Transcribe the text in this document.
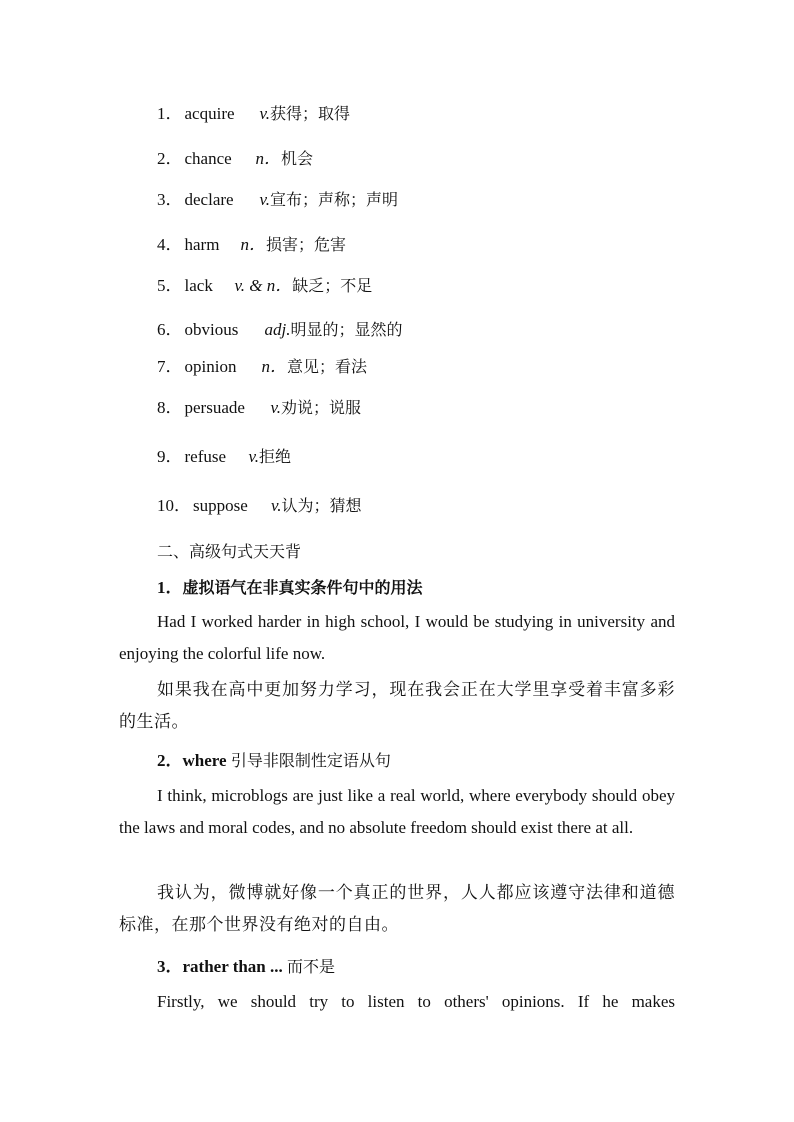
1． acquire v.获得；取得
2． chance n．机会
3． declare v.宣布；声称；声明
4． harm n．损害；危害
5． lack v. & n．缺乏；不足
6． obvious adj.明显的；显然的
7． opinion n．意见；看法
8． persuade v.劝说；说服
9． refuse v.拒绝
10． suppose v.认为；猜想
二、高级句式天天背
1．虚拟语气在非真实条件句中的用法
Had I worked harder in high school, I would be studying in university and enjoying the colorful life now.
如果我在高中更加努力学习，现在我会正在大学里享受着丰富多彩的生活。
2．where 引导非限制性定语从句
I think, microblogs are just like a real world, where everybody should obey the laws and moral codes, and no absolute freedom should exist there at all.
我认为，微博就好像一个真正的世界，人人都应该遵守法律和道德标准，在那个世界没有绝对的自由。
3．rather than ... 而不是
Firstly, we should try to listen to others' opinions. If he makes
